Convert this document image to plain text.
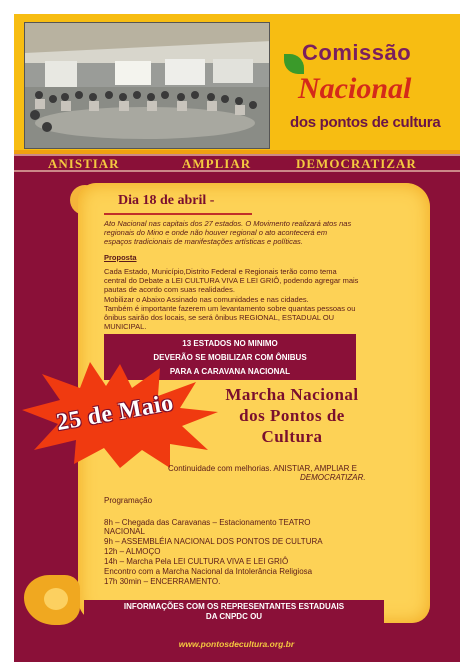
Comissão
Nacional
dos pontos de cultura
ANISTIAR	AMPLIAR	DEMOCRATIZAR
Dia 18 de abril -
Ato Nacional nas capitais dos 27 estados. O Movimento realizará atos nas
regionais do Mino e onde não houver regional o ato acontecerá em
espaços tradicionais de manifestações artísticas e políticas.
Proposta
Cada Estado, Município,Distrito Federal e Regionais terão como tema
central do Debate a LEI CULTURA VIVA E LEI GRIÔ, podendo agregar mais
pautas de acordo com suas realidades.
Mobilizar o Abaixo Assinado nas comunidades e nas cidades.
Também é importante fazerem um levantamento sobre quantas pessoas ou
ônibus sairão dos locais, se será ônibus REGIONAL, ESTADUAL OU
MUNICIPAL.
13 ESTADOS NO MINIMO
DEVERÃO SE MOBILIZAR COM ÔNIBUS
PARA A CARAVANA NACIONAL
25 de Maio	Marcha Nacional
dos Pontos de
Cultura
Continuidade com melhorias. ANISTIAR, AMPLIAR E
DEMOCRATIZAR.
Programação
8h – Chegada das Caravanas – Estacionamento TEATRO
NACIONAL
9h – ASSEMBLÉIA NACIONAL DOS PONTOS DE CULTURA
12h – ALMOÇO
14h – Marcha Pela LEI CULTURA VIVA E LEI GRIÔ
Encontro com a Marcha Nacional da Intolerância Religiosa
17h 30min – ENCERRAMENTO.
INFORMAÇÕES COM OS REPRESENTANTES ESTADUAIS
DA CNPDC OU
www.pontosdecultura.org.br
